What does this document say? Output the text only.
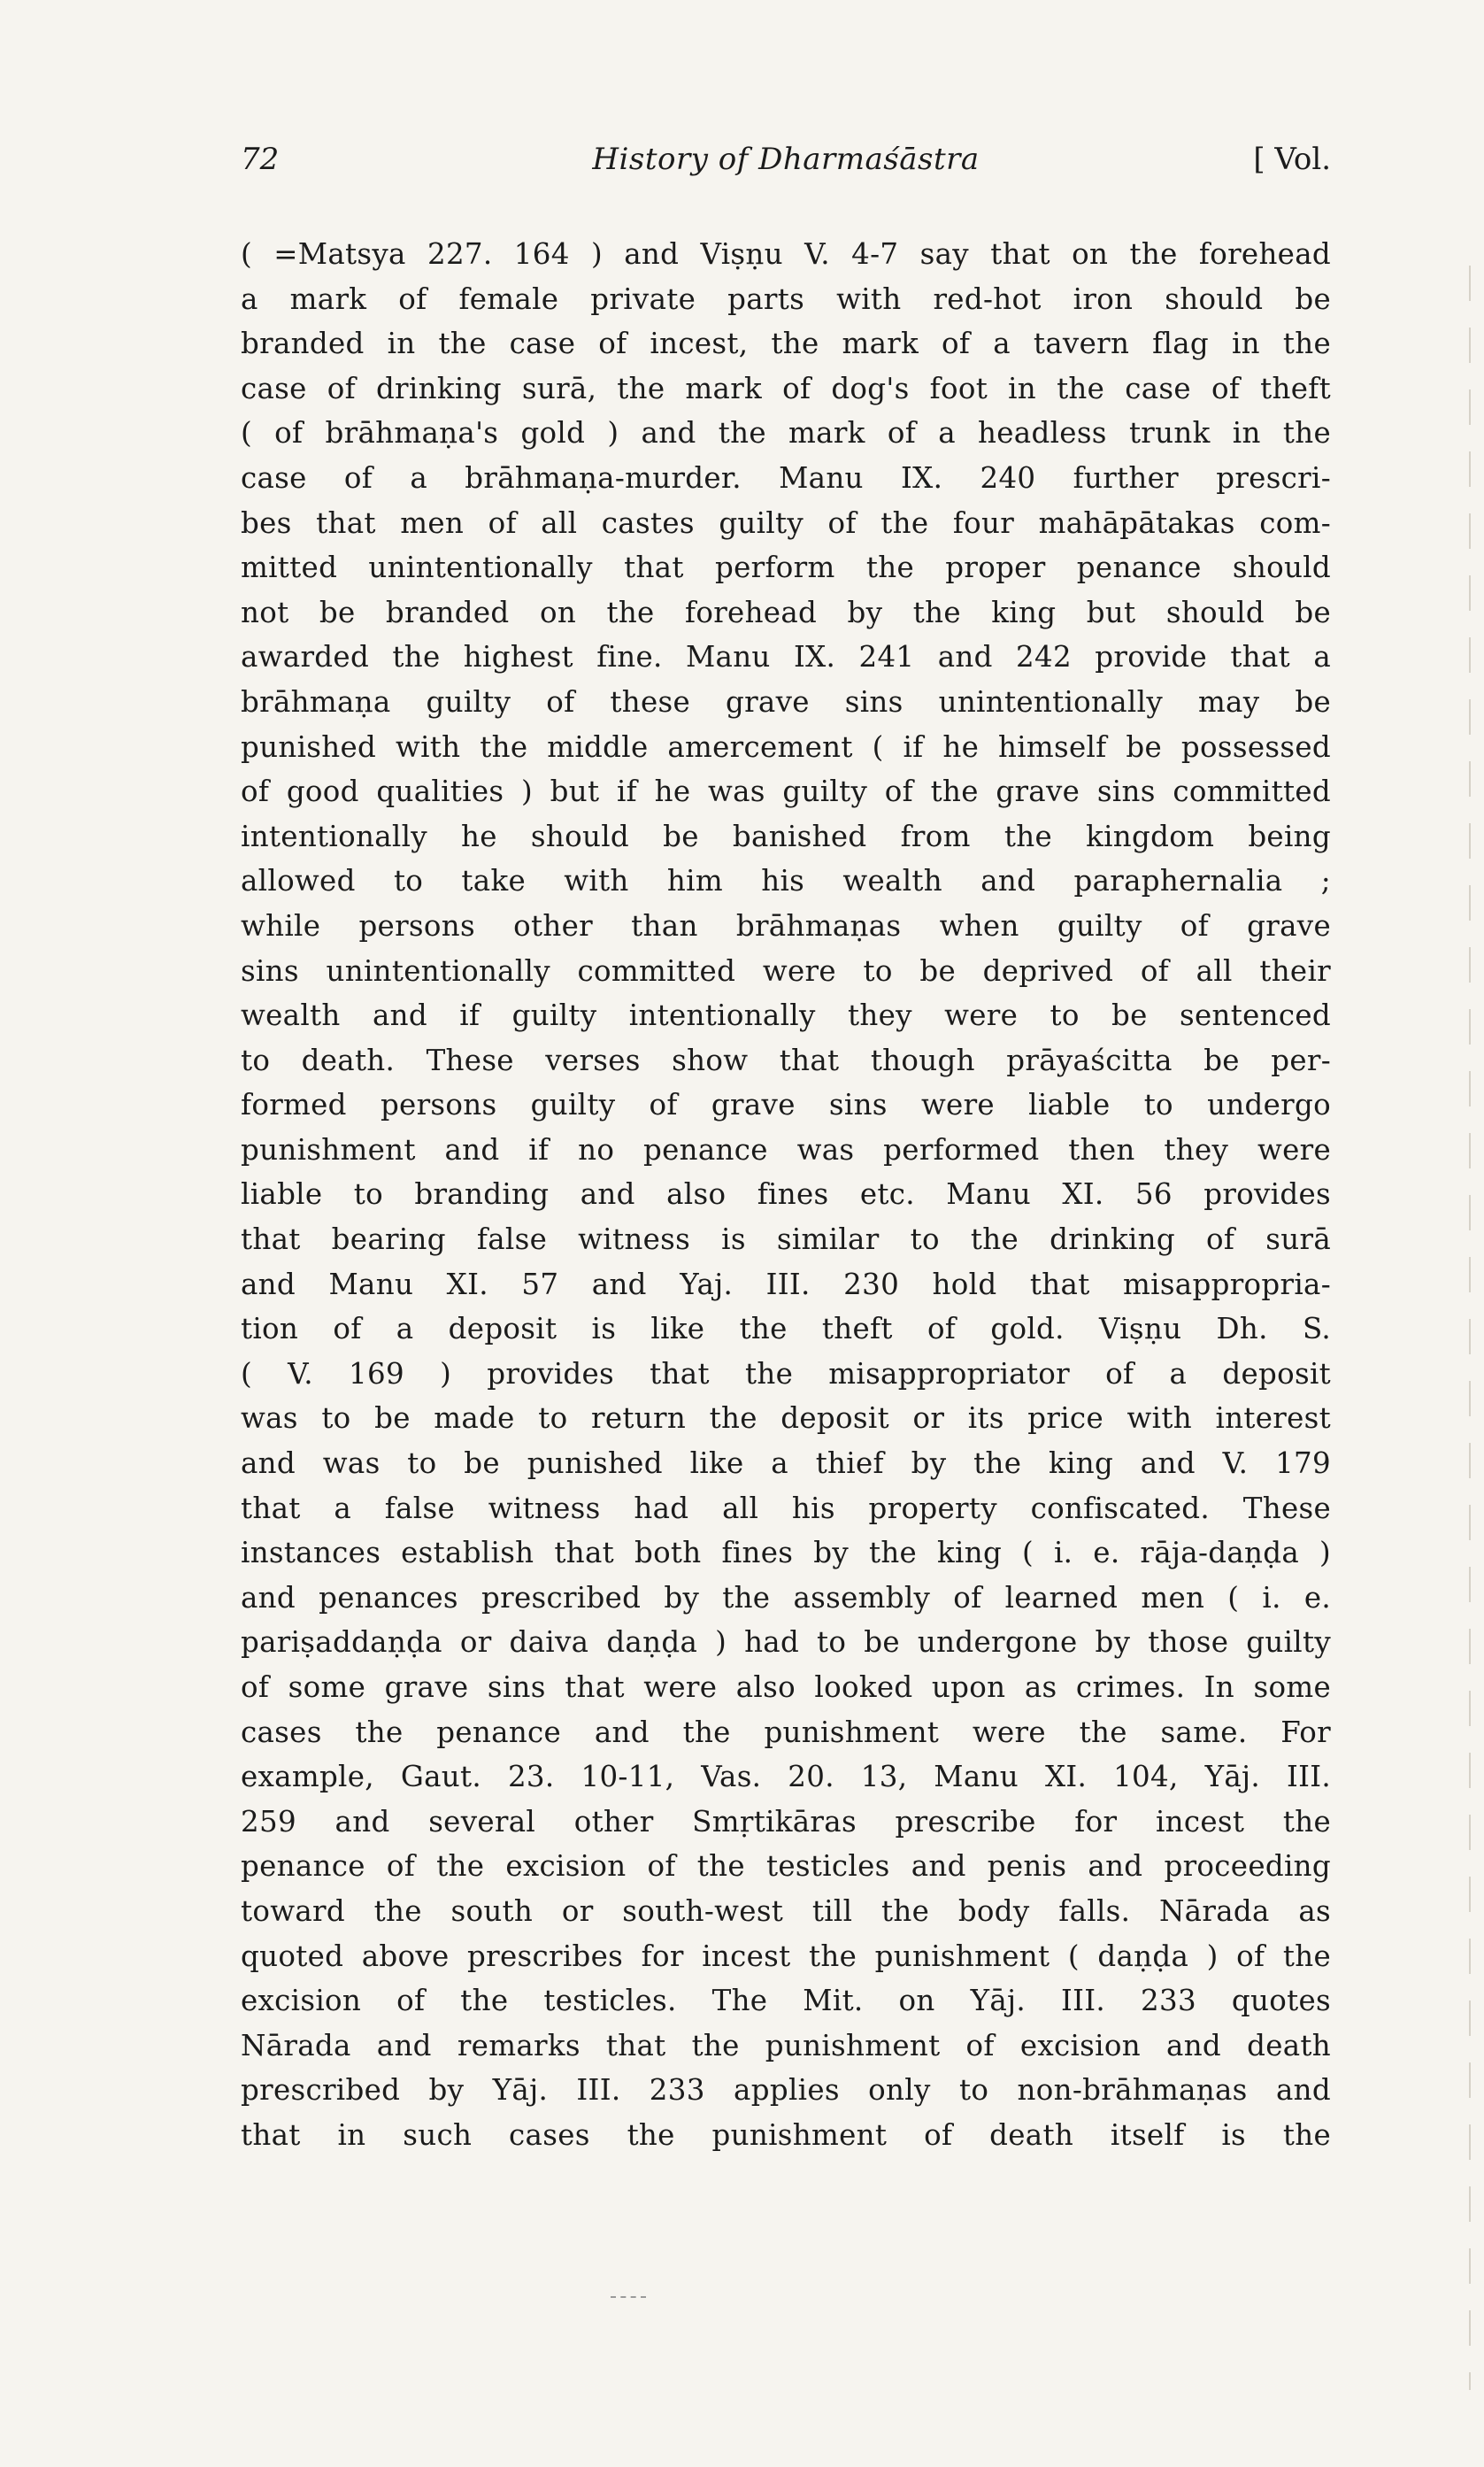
72	History of Dharmaśāstra	[ Vol.
( =Matsya 227. 164 ) and Viṣṇu V. 4-7 say that on the forehead
a mark of female private parts with red-hot iron should be
branded in the case of incest, the mark of a tavern flag in the
case of drinking surā, the mark of dog's foot in the case of theft
( of brāhmaṇa's gold ) and the mark of a headless trunk in the
case of a brāhmaṇa-murder. Manu IX. 240 further prescri-
bes that men of all castes guilty of the four mahāpātakas com-
mitted unintentionally that perform the proper penance should
not be branded on the forehead by the king but should be
awarded the highest fine. Manu IX. 241 and 242 provide that a
brāhmaṇa guilty of these grave sins unintentionally may be
punished with the middle amercement ( if he himself be possessed
of good qualities ) but if he was guilty of the grave sins committed
intentionally he should be banished from the kingdom being
allowed to take with him his wealth and paraphernalia ;
while persons other than brāhmaṇas when guilty of grave
sins unintentionally committed were to be deprived of all their
wealth and if guilty intentionally they were to be sentenced
to death. These verses show that though prāyaścitta be per-
formed persons guilty of grave sins were liable to undergo
punishment and if no penance was performed then they were
liable to branding and also fines etc. Manu XI. 56 provides
that bearing false witness is similar to the drinking of surā
and Manu XI. 57 and Yaj. III. 230 hold that misappropria-
tion of a deposit is like the theft of gold. Viṣṇu Dh. S.
( V. 169 ) provides that the misappropriator of a deposit
was to be made to return the deposit or its price with interest
and was to be punished like a thief by the king and V. 179
that a false witness had all his property confiscated. These
instances establish that both fines by the king ( i. e. rāja-daṇḍa )
and penances prescribed by the assembly of learned men ( i. e.
pariṣaddaṇḍa or daiva daṇḍa ) had to be undergone by those guilty
of some grave sins that were also looked upon as crimes. In some
cases the penance and the punishment were the same. For
example, Gaut. 23. 10-11, Vas. 20. 13, Manu XI. 104, Yāj. III.
259 and several other Smṛtikāras prescribe for incest the
penance of the excision of the testicles and penis and proceeding
toward the south or south-west till the body falls. Nārada as
quoted above prescribes for incest the punishment ( daṇḍa ) of the
excision of the testicles. The Mit. on Yāj. III. 233 quotes
Nārada and remarks that the punishment of excision and death
prescribed by Yāj. III. 233 applies only to non-brāhmaṇas and
that in such cases the punishment of death itself is the
